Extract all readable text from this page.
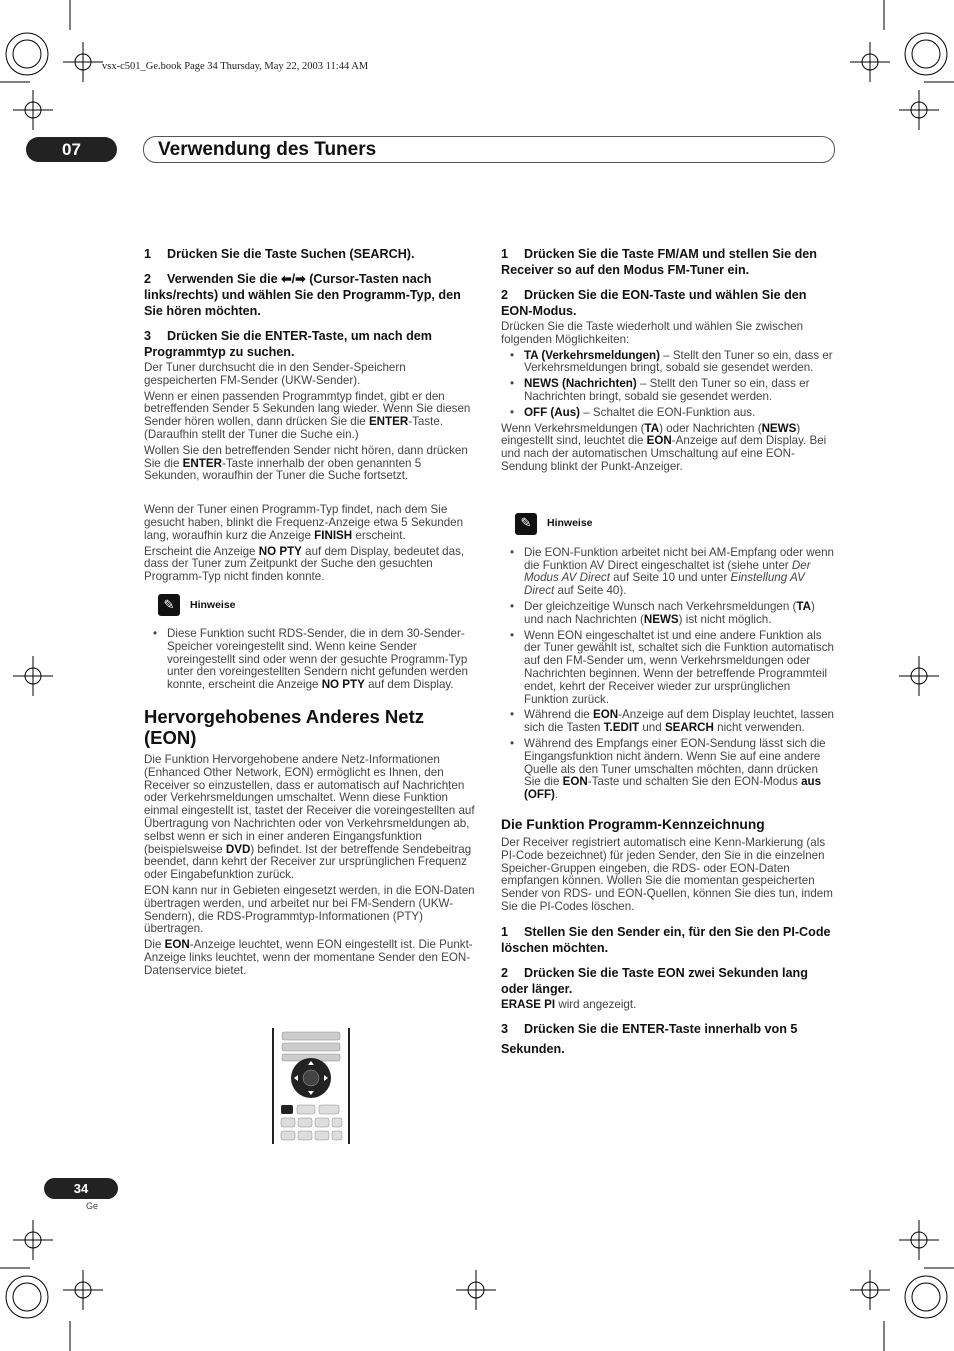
vsx-c501_Ge.book Page 34 Thursday, May 22, 2003 11:44 AM
07	Verwendung des Tuners

1 Drücken Sie die Taste Suchen (SEARCH).

2 Verwenden Sie die ⬅/➡ (Cursor-Tasten nach links/rechts) und wählen Sie den Programm-Typ, den Sie hören möchten.

3 Drücken Sie die ENTER-Taste, um nach dem Programmtyp zu suchen.

Der Tuner durchsucht die in den Sender-Speichern gespeicherten FM-Sender (UKW-Sender).

Wenn er einen passenden Programmtyp findet, gibt er den betreffenden Sender 5 Sekunden lang wieder. Wenn Sie diesen Sender hören wollen, dann drücken Sie die ENTER-Taste. (Daraufhin stellt der Tuner die Suche ein.)

Wollen Sie den betreffenden Sender nicht hören, dann drücken Sie die ENTER-Taste innerhalb der oben genannten 5 Sekunden, woraufhin der Tuner die Suche fortsetzt.

Wenn der Tuner einen Programm-Typ findet, nach dem Sie gesucht haben, blinkt die Frequenz-Anzeige etwa 5 Sekunden lang, woraufhin kurz die Anzeige FINISH erscheint.

Erscheint die Anzeige NO PTY auf dem Display, bedeutet das, dass der Tuner zum Zeitpunkt der Suche den gesuchten Programm-Typ nicht finden konnte.

✎	Hinweise
• Diese Funktion sucht RDS-Sender, die in dem 30-Sender-Speicher voreingestellt sind. Wenn keine Sender voreingestellt sind oder wenn der gesuchte Programm-Typ unter den voreingestellten Sendern nicht gefunden werden konnte, erscheint die Anzeige NO PTY auf dem Display.
Hervorgehobenes Anderes Netz (EON)

Die Funktion Hervorgehobene andere Netz-Informationen (Enhanced Other Network, EON) ermöglicht es Ihnen, den Receiver so einzustellen, dass er automatisch auf Nachrichten oder Verkehrsmeldungen umschaltet. Wenn diese Funktion einmal eingestellt ist, tastet der Receiver die voreingestellten auf Übertragung von Nachrichten oder von Verkehrsmeldungen ab, selbst wenn er sich in einer anderen Eingangsfunktion (beispielsweise DVD) befindet. Ist der betreffende Sendebeitrag beendet, dann kehrt der Receiver zur ursprünglichen Frequenz oder Eingabefunktion zurück.

EON kann nur in Gebieten eingesetzt werden, in die EON-Daten übertragen werden, und arbeitet nur bei FM-Sendern (UKW-Sendern), die RDS-Programmtyp-Informationen (PTY) übertragen.

Die EON-Anzeige leuchtet, wenn EON eingestellt ist. Die Punkt-Anzeige links leuchtet, wenn der momentane Sender den EON-Datenservice bietet.

1 Drücken Sie die Taste FM/AM und stellen Sie den Receiver so auf den Modus FM-Tuner ein.

2 Drücken Sie die EON-Taste und wählen Sie den EON-Modus.

Drücken Sie die Taste wiederholt und wählen Sie zwischen folgenden Möglichkeiten:

• TA (Verkehrsmeldungen) – Stellt den Tuner so ein, dass er Verkehrsmeldungen bringt, sobald sie gesendet werden.
• NEWS (Nachrichten) – Stellt den Tuner so ein, dass er Nachrichten bringt, sobald sie gesendet werden.
• OFF (Aus) – Schaltet die EON-Funktion aus.

Wenn Verkehrsmeldungen (TA) oder Nachrichten (NEWS) eingestellt sind, leuchtet die EON-Anzeige auf dem Display. Bei und nach der automatischen Umschaltung auf eine EON-Sendung blinkt der Punkt-Anzeiger.

✎	Hinweise
• Die EON-Funktion arbeitet nicht bei AM-Empfang oder wenn die Funktion AV Direct eingeschaltet ist (siehe unter Der Modus AV Direct auf Seite 10 und unter Einstellung AV Direct auf Seite 40).
• Der gleichzeitige Wunsch nach Verkehrsmeldungen (TA) und nach Nachrichten (NEWS) ist nicht möglich.
• Wenn EON eingeschaltet ist und eine andere Funktion als der Tuner gewählt ist, schaltet sich die Funktion automatisch auf den FM-Sender um, wenn Verkehrsmeldungen oder Nachrichten beginnen. Wenn der betreffende Programmteil endet, kehrt der Receiver wieder zur ursprünglichen Funktion zurück.
• Während die EON-Anzeige auf dem Display leuchtet, lassen sich die Tasten T.EDIT und SEARCH nicht verwenden.
• Während des Empfangs einer EON-Sendung lässt sich die Eingangsfunktion nicht ändern. Wenn Sie auf eine andere Quelle als den Tuner umschalten möchten, dann drücken Sie die EON-Taste und schalten Sie den EON-Modus aus (OFF).
Die Funktion Programm-Kennzeichnung

Der Receiver registriert automatisch eine Kenn-Markierung (als PI-Code bezeichnet) für jeden Sender, den Sie in die einzelnen Speicher-Gruppen eingeben, die RDS- oder EON-Daten empfangen können. Wollen Sie die momentan gespeicherten Sender von RDS- und EON-Quellen, können Sie dies tun, indem Sie die PI-Codes löschen.

1 Stellen Sie den Sender ein, für den Sie den PI-Code löschen möchten.

2 Drücken Sie die Taste EON zwei Sekunden lang oder länger.

ERASE PI wird angezeigt.

3 Drücken Sie die ENTER-Taste innerhalb von 5 Sekunden.

34
Ge
